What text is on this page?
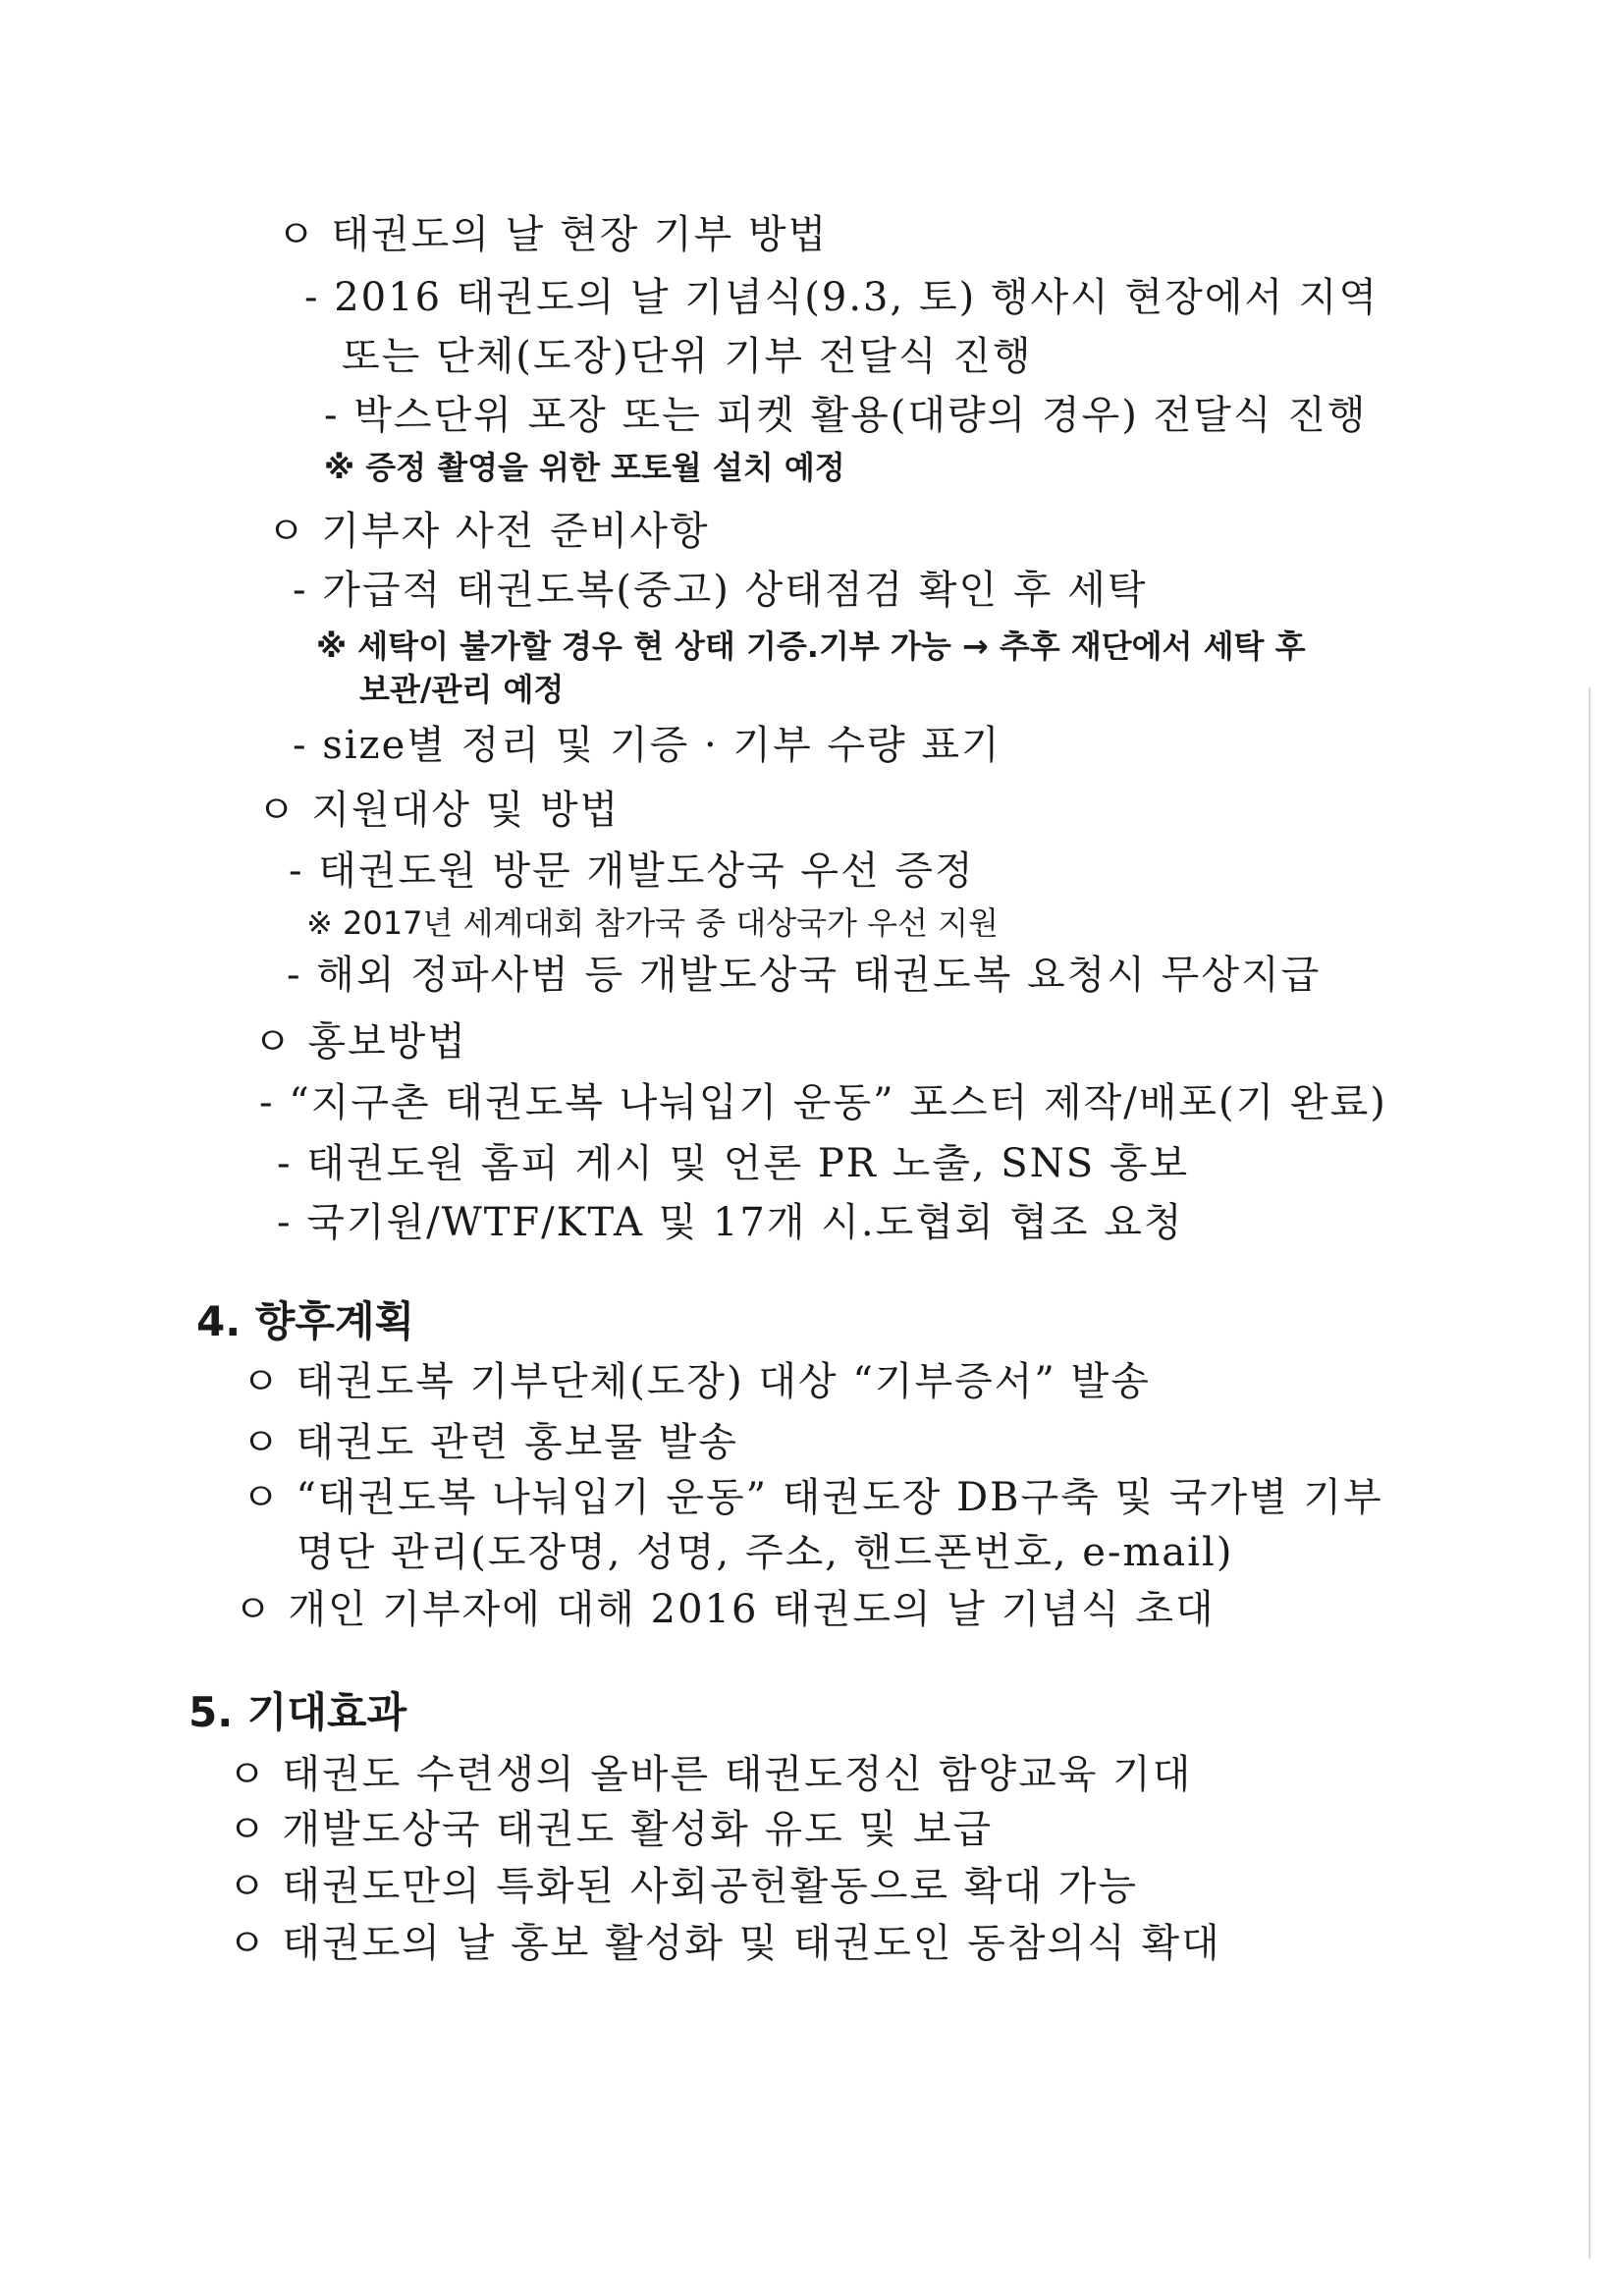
ㅇ 태권도의 날 현장 기부 방법
- 2016 태권도의 날 기념식(9.3, 토) 행사시 현장에서 지역
또는 단체(도장)단위 기부 전달식 진행
- 박스단위 포장 또는 피켓 활용(대량의 경우) 전달식 진행
※ 증정 촬영을 위한 포토월 설치 예정
ㅇ 기부자 사전 준비사항
- 가급적 태권도복(중고) 상태점검 확인 후 세탁
※ 세탁이 불가할 경우 현 상태 기증.기부 가능 → 추후 재단에서 세탁 후
보관/관리 예정
- size별 정리 및 기증 · 기부 수량 표기
ㅇ 지원대상 및 방법
- 태권도원 방문 개발도상국 우선 증정
※ 2017년 세계대회 참가국 중 대상국가 우선 지원
- 해외 정파사범 등 개발도상국 태권도복 요청시 무상지급
ㅇ 홍보방법
- “지구촌 태권도복 나눠입기 운동” 포스터 제작/배포(기 완료)
- 태권도원 홈피 게시 및 언론 PR 노출, SNS 홍보
- 국기원/WTF/KTA 및 17개 시.도협회 협조 요청
4. 향후계획
ㅇ 태권도복 기부단체(도장) 대상 “기부증서” 발송
ㅇ 태권도 관련 홍보물 발송
ㅇ “태권도복 나눠입기 운동” 태권도장 DB구축 및 국가별 기부
명단 관리(도장명, 성명, 주소, 핸드폰번호, e-mail)
ㅇ 개인 기부자에 대해 2016 태권도의 날 기념식 초대
5. 기대효과
ㅇ 태권도 수련생의 올바른 태권도정신 함양교육 기대
ㅇ 개발도상국 태권도 활성화 유도 및 보급
ㅇ 태권도만의 특화된 사회공헌활동으로 확대 가능
ㅇ 태권도의 날 홍보 활성화 및 태권도인 동참의식 확대
